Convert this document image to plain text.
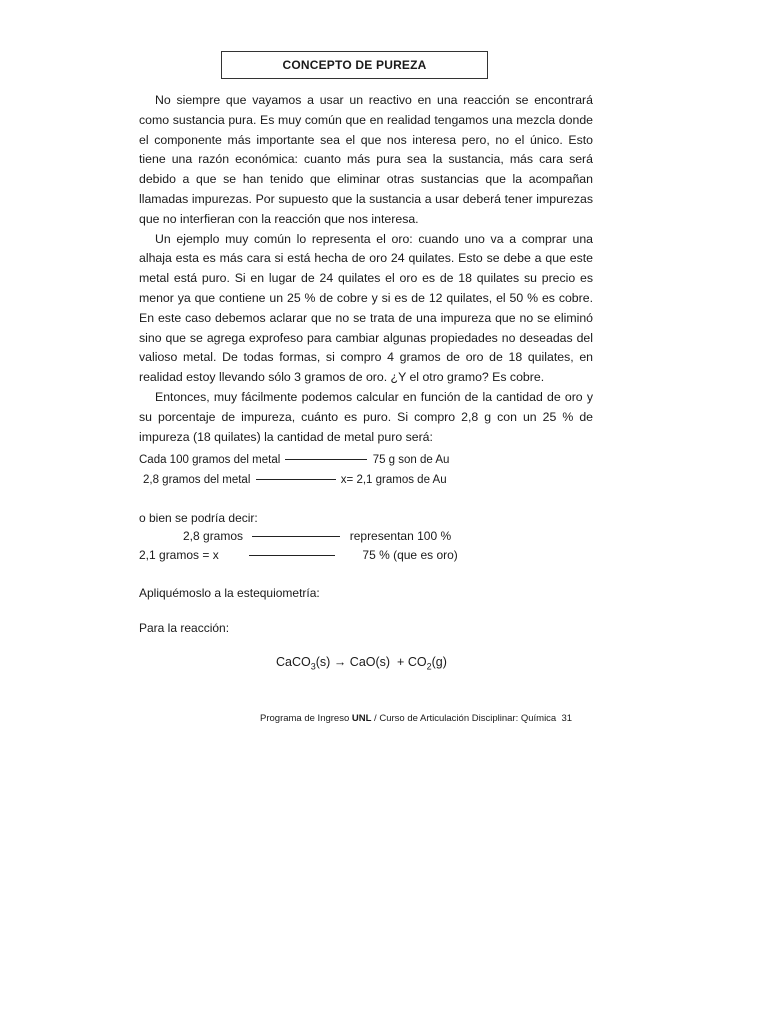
CONCEPTO DE PUREZA

No siempre que vayamos a usar un reactivo en una reacción se encontrará como sustancia pura. Es muy común que en realidad tengamos una mezcla donde el componente más importante sea el que nos interesa pero, no el único. Esto tiene una razón económica: cuanto más pura sea la sustancia, más cara será debido a que se han tenido que eliminar otras sustancias que la acompañan llamadas impurezas. Por supuesto que la sustancia a usar deberá tener impurezas que no interfieran con la reacción que nos interesa.

Un ejemplo muy común lo representa el oro: cuando uno va a comprar una alhaja esta es más cara si está hecha de oro 24 quilates. Esto se debe a que este metal está puro. Si en lugar de 24 quilates el oro es de 18 quilates su precio es menor ya que contiene un 25 % de cobre y si es de 12 quilates, el 50 % es cobre. En este caso debemos aclarar que no se trata de una impureza que no se eliminó sino que se agrega exprofeso para cambiar algunas propiedades no deseadas del valioso metal. De todas formas, si compro 4 gramos de oro de 18 quilates, en realidad estoy llevando sólo 3 gramos de oro. ¿Y el otro gramo? Es cobre.

Entonces, muy fácilmente podemos calcular en función de la cantidad de oro y su porcentaje de impureza, cuánto es puro. Si compro 2,8 g con un 25 % de impureza (18 quilates) la cantidad de metal puro será:

Cada 100 gramos del metal	75 g son de Au
2,8 gramos del metal	x= 2,1 gramos de Au
o bien se podría decir:
2,8 gramos	representan 100 %
2,1 gramos = x	75 % (que es oro)
Apliquémoslo a la estequiometría:
Para la reacción:
CaCO$_3$(s) → $CaO(s) + CO_2(g)$
Programa de Ingreso UNL / Curso de Articulación Disciplinar: Química 31
